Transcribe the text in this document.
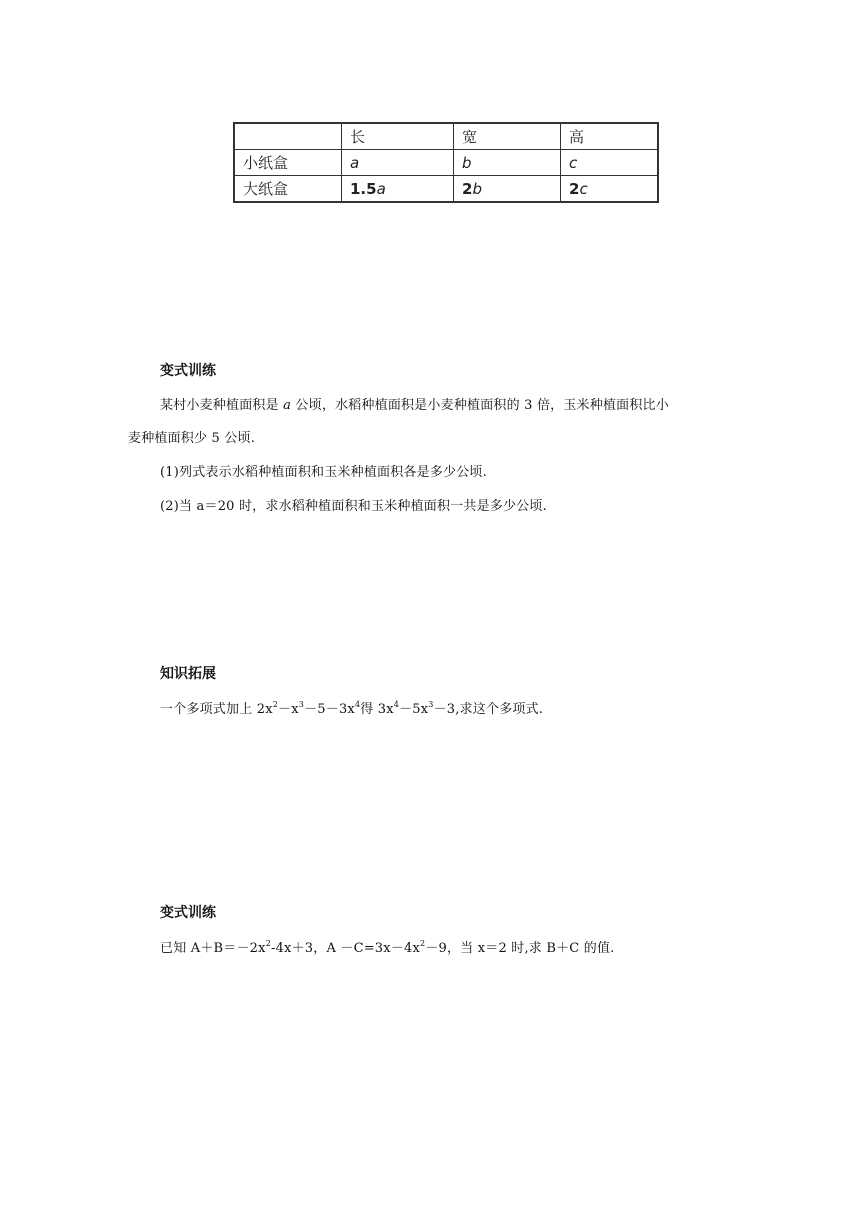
	长	宽	高
小纸盒	a	b	c
大纸盒	1.5a	2b	2c
变式训练
某村小麦种植面积是 a 公顷，水稻种植面积是小麦种植面积的 3 倍，玉米种植面积比小
麦种植面积少 5 公顷.
(1)列式表示水稻种植面积和玉米种植面积各是多少公顷.
(2)当 a＝20 时，求水稻种植面积和玉米种植面积一共是多少公顷.
知识拓展
一个多项式加上 $2x^2-x^3-5-3x^4$得 $3x^4-5x^3-3$,求这个多项式.
变式训练
已知 $A+B=-2x^2-4x+3$，$A -C=3x-4x^2-9$，当 x＝2 时,求 B＋C 的值.
